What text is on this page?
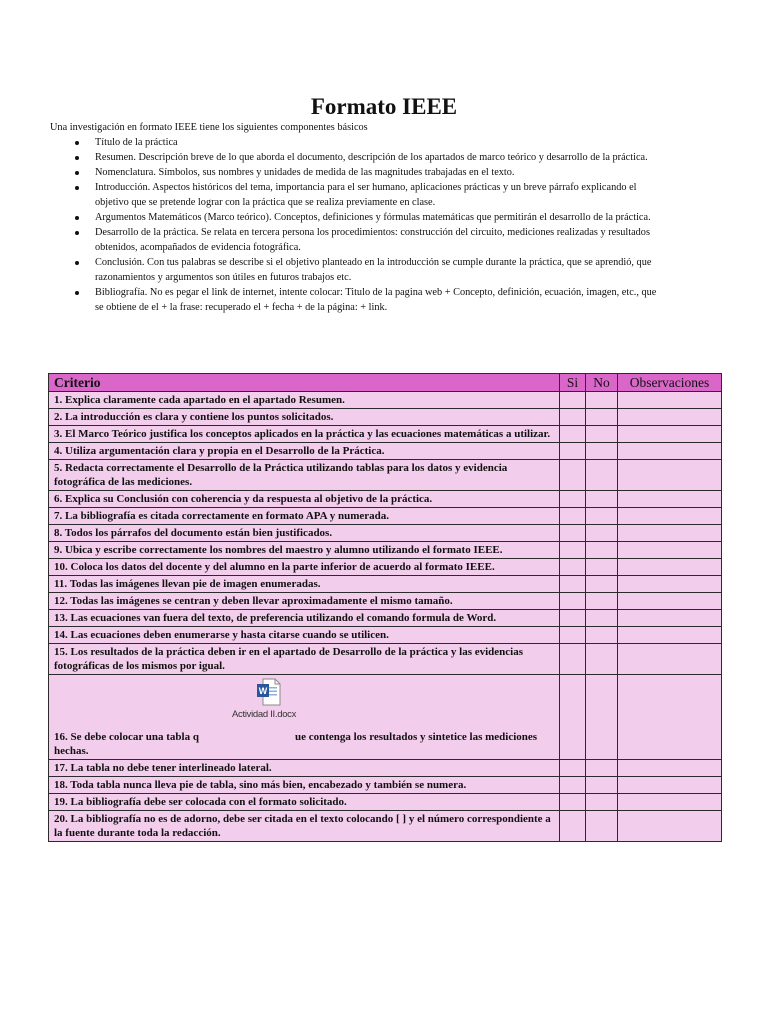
Formato IEEE
Una investigación en formato IEEE tiene los siguientes componentes básicos
Título de la práctica
Resumen. Descripción breve de lo que aborda el documento, descripción de los apartados de marco teórico y desarrollo de la práctica.
Nomenclatura. Símbolos, sus nombres y unidades de medida de las magnitudes trabajadas en el texto.
Introducción. Aspectos históricos del tema, importancia para el ser humano, aplicaciones prácticas y un breve párrafo explicando el objetivo que se pretende lograr con la práctica que se realiza previamente en clase.
Argumentos Matemáticos (Marco teórico). Conceptos, definiciones y fórmulas matemáticas que permitirán el desarrollo de la práctica.
Desarrollo de la práctica. Se relata en tercera persona los procedimientos: construcción del circuito, mediciones realizadas y resultados obtenidos, acompañados de evidencia fotográfica.
Conclusión. Con tus palabras se describe si el objetivo planteado en la introducción se cumple durante la práctica, que se aprendió, que razonamientos y argumentos son útiles en futuros trabajos etc.
Bibliografía. No es pegar el link de internet, intente colocar: Titulo de la pagina web + Concepto, definición, ecuación, imagen, etc., que se obtiene de el + la frase: recuperado el + fecha + de la página: + link.
Criterio	Si	No	Observaciones
1. Explica claramente cada apartado en el apartado Resumen.			
2. La introducción es clara y contiene los puntos solicitados.			
3. El Marco Teórico justifica los conceptos aplicados en la práctica y las ecuaciones matemáticas a utilizar.			
4. Utiliza argumentación clara y propia en el Desarrollo de la Práctica.			
5. Redacta correctamente el Desarrollo de la Práctica utilizando tablas para los datos y evidencia fotográfica de las mediciones.			
6. Explica su Conclusión con coherencia y da respuesta al objetivo de la práctica.			
7. La bibliografía es citada correctamente en formato APA y numerada.			
8. Todos los párrafos del documento están bien justificados.			
9. Ubica y escribe correctamente los nombres del maestro y alumno utilizando el formato IEEE.			
10. Coloca los datos del docente y del alumno en la parte inferior de acuerdo al formato IEEE.			
11. Todas las imágenes llevan pie de imagen enumeradas.			
12. Todas las imágenes se centran y deben llevar aproximadamente el mismo tamaño.			
13. Las ecuaciones van fuera del texto, de preferencia utilizando el comando formula de Word.			
14. Las ecuaciones deben enumerarse y hasta citarse cuando se utilicen.			
15. Los resultados de la práctica deben ir en el apartado de Desarrollo de la práctica y las evidencias fotográficas de los mismos por igual.			

W
Actividad II.docx
16. Se debe colocar una tabla q ue contenga los resultados y sintetice las mediciones hechas.			
17. La tabla no debe tener interlineado lateral.			
18. Toda tabla nunca lleva pie de tabla, sino más bien, encabezado y también se numera.			
19. La bibliografía debe ser colocada con el formato solicitado.			
20. La bibliografía no es de adorno, debe ser citada en el texto colocando [ ] y el número correspondiente a la fuente durante toda la redacción.			
